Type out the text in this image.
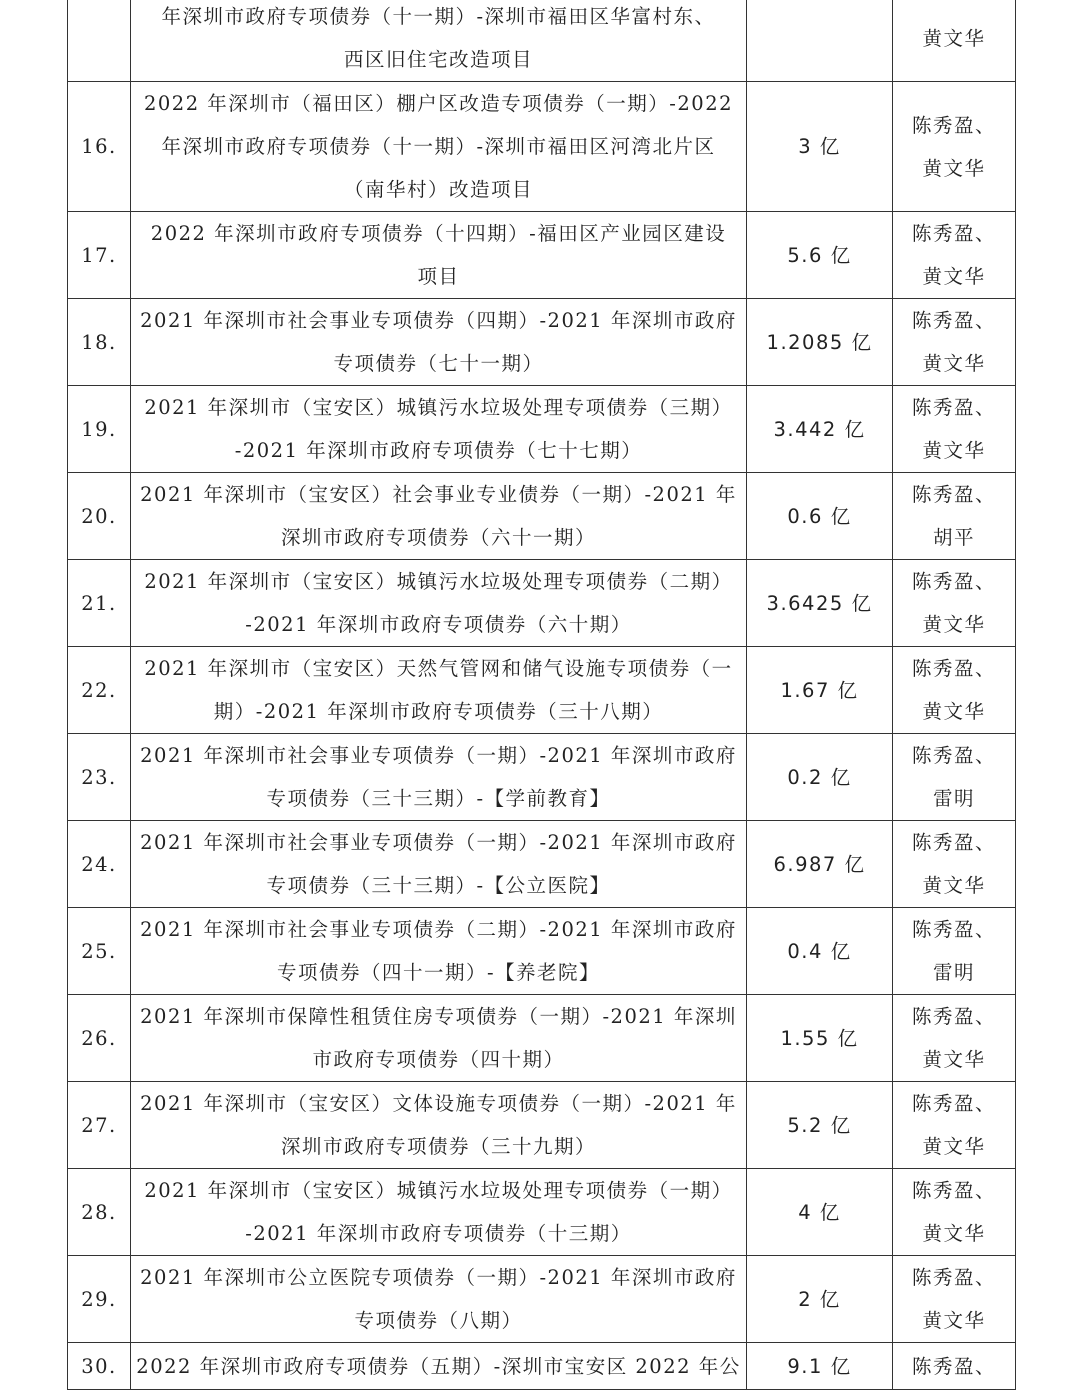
	年深圳市政府专项债券（十一期）-深圳市福田区华富村东、
西区旧住宅改造项目		黄文华

16.	2022 年深圳市（福田区）棚户区改造专项债券（一期）-2022
年深圳市政府专项债券（十一期）-深圳市福田区河湾北片区
（南华村）改造项目	3 亿	陈秀盈、
黄文华

17.	2022 年深圳市政府专项债券（十四期）-福田区产业园区建设
项目	5.6 亿	陈秀盈、
黄文华

18.	2021 年深圳市社会事业专项债券（四期）-2021 年深圳市政府
专项债券（七十一期）	1.2085 亿	陈秀盈、
黄文华

19.	2021 年深圳市（宝安区）城镇污水垃圾处理专项债券（三期）
-2021 年深圳市政府专项债券（七十七期）	3.442 亿	陈秀盈、
黄文华

20.	2021 年深圳市（宝安区）社会事业专业债券（一期）-2021 年
深圳市政府专项债券（六十一期）	0.6 亿	陈秀盈、
胡平

21.	2021 年深圳市（宝安区）城镇污水垃圾处理专项债券（二期）
-2021 年深圳市政府专项债券（六十期）	3.6425 亿	陈秀盈、
黄文华

22.	2021 年深圳市（宝安区）天然气管网和储气设施专项债券（一
期）-2021 年深圳市政府专项债券（三十八期）	1.67 亿	陈秀盈、
黄文华

23.	2021 年深圳市社会事业专项债券（一期）-2021 年深圳市政府
专项债券（三十三期）-【学前教育】	0.2 亿	陈秀盈、
雷明

24.	2021 年深圳市社会事业专项债券（一期）-2021 年深圳市政府
专项债券（三十三期）-【公立医院】	6.987 亿	陈秀盈、
黄文华

25.	2021 年深圳市社会事业专项债券（二期）-2021 年深圳市政府
专项债券（四十一期）-【养老院】	0.4 亿	陈秀盈、
雷明

26.	2021 年深圳市保障性租赁住房专项债券（一期）-2021 年深圳
市政府专项债券（四十期）	1.55 亿	陈秀盈、
黄文华

27.	2021 年深圳市（宝安区）文体设施专项债券（一期）-2021 年
深圳市政府专项债券（三十九期）	5.2 亿	陈秀盈、
黄文华

28.	2021 年深圳市（宝安区）城镇污水垃圾处理专项债券（一期）
-2021 年深圳市政府专项债券（十三期）	4 亿	陈秀盈、
黄文华

29.	2021 年深圳市公立医院专项债券（一期）-2021 年深圳市政府
专项债券（八期）	2 亿	陈秀盈、
黄文华

30.	2022 年深圳市政府专项债券（五期）-深圳市宝安区 2022 年公	9.1 亿	陈秀盈、
